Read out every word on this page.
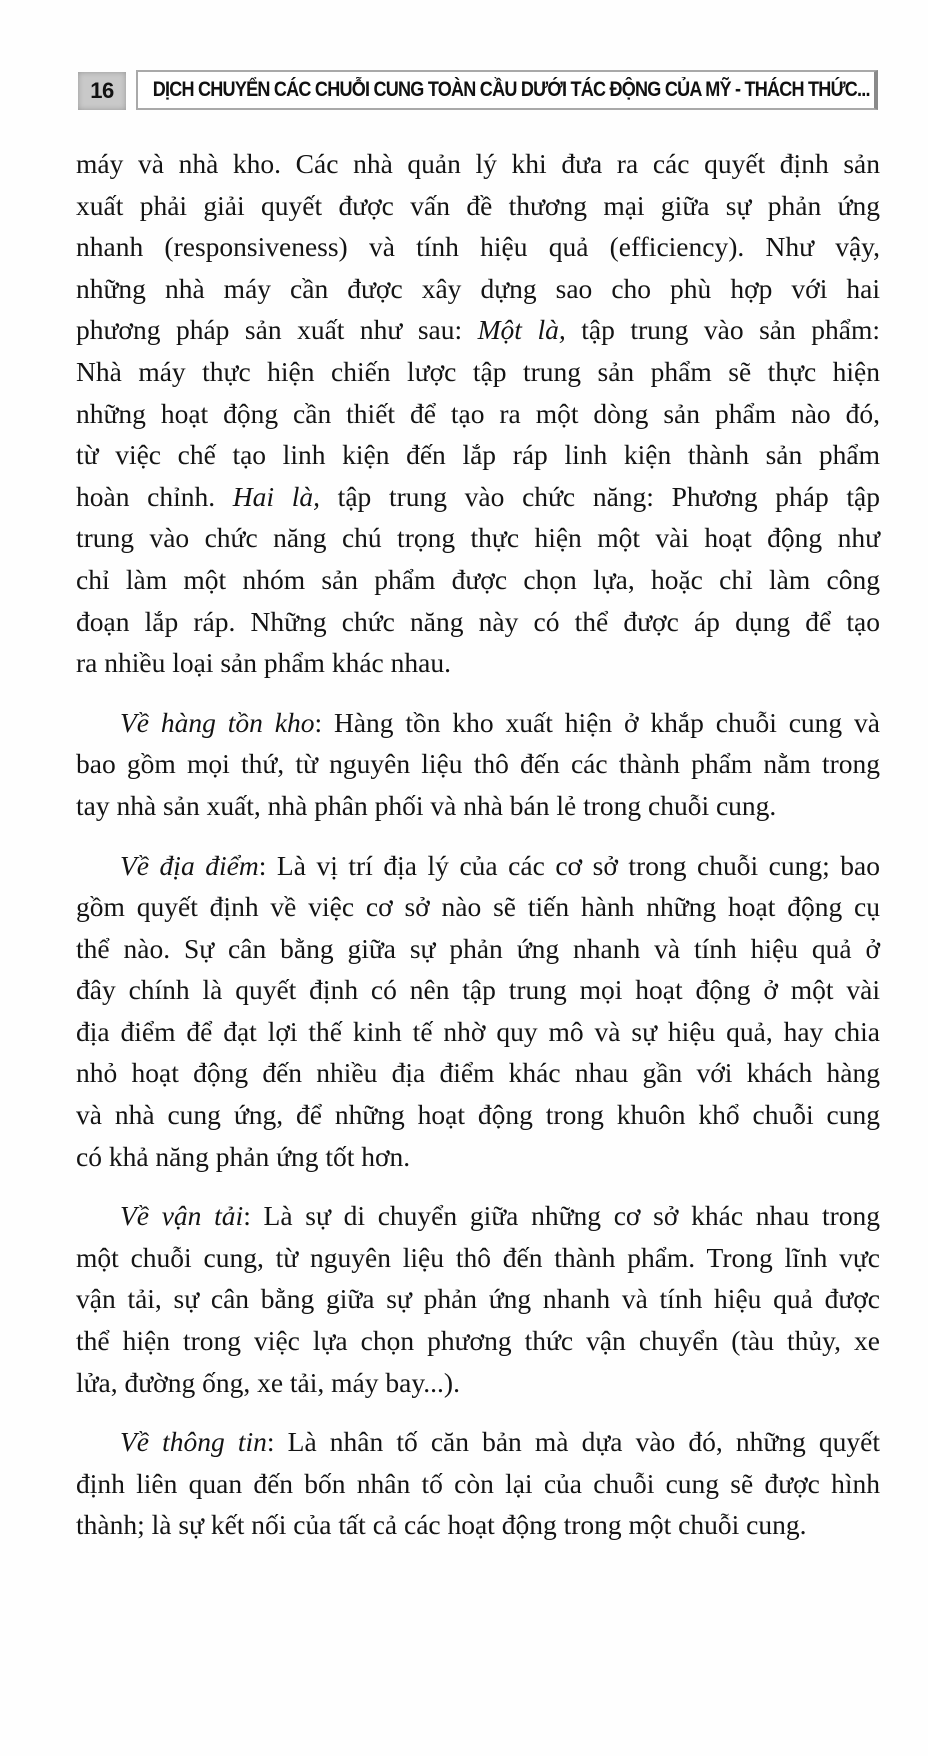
16 DỊCH CHUYỂN CÁC CHUỖI CUNG TOÀN CẦU DƯỚI TÁC ĐỘNG CỦA MỸ - THÁCH THỨC...
máy và nhà kho. Các nhà quản lý khi đưa ra các quyết định sản
xuất phải giải quyết được vấn đề thương mại giữa sự phản ứng
nhanh (responsiveness) và tính hiệu quả (efficiency). Như vậy,
những nhà máy cần được xây dựng sao cho phù hợp với hai
phương pháp sản xuất như sau: Một là, tập trung vào sản phẩm:
Nhà máy thực hiện chiến lược tập trung sản phẩm sẽ thực hiện
những hoạt động cần thiết để tạo ra một dòng sản phẩm nào đó,
từ việc chế tạo linh kiện đến lắp ráp linh kiện thành sản phẩm
hoàn chỉnh. Hai là, tập trung vào chức năng: Phương pháp tập
trung vào chức năng chú trọng thực hiện một vài hoạt động như
chỉ làm một nhóm sản phẩm được chọn lựa, hoặc chỉ làm công
đoạn lắp ráp. Những chức năng này có thể được áp dụng để tạo
ra nhiều loại sản phẩm khác nhau.
Về hàng tồn kho: Hàng tồn kho xuất hiện ở khắp chuỗi cung và
bao gồm mọi thứ, từ nguyên liệu thô đến các thành phẩm nằm trong
tay nhà sản xuất, nhà phân phối và nhà bán lẻ trong chuỗi cung.
Về địa điểm: Là vị trí địa lý của các cơ sở trong chuỗi cung; bao
gồm quyết định về việc cơ sở nào sẽ tiến hành những hoạt động cụ
thể nào. Sự cân bằng giữa sự phản ứng nhanh và tính hiệu quả ở
đây chính là quyết định có nên tập trung mọi hoạt động ở một vài
địa điểm để đạt lợi thế kinh tế nhờ quy mô và sự hiệu quả, hay chia
nhỏ hoạt động đến nhiều địa điểm khác nhau gần với khách hàng
và nhà cung ứng, để những hoạt động trong khuôn khổ chuỗi cung
có khả năng phản ứng tốt hơn.
Về vận tải: Là sự di chuyển giữa những cơ sở khác nhau trong
một chuỗi cung, từ nguyên liệu thô đến thành phẩm. Trong lĩnh vực
vận tải, sự cân bằng giữa sự phản ứng nhanh và tính hiệu quả được
thể hiện trong việc lựa chọn phương thức vận chuyển (tàu thủy, xe
lửa, đường ống, xe tải, máy bay...).
Về thông tin: Là nhân tố căn bản mà dựa vào đó, những quyết
định liên quan đến bốn nhân tố còn lại của chuỗi cung sẽ được hình
thành; là sự kết nối của tất cả các hoạt động trong một chuỗi cung.
